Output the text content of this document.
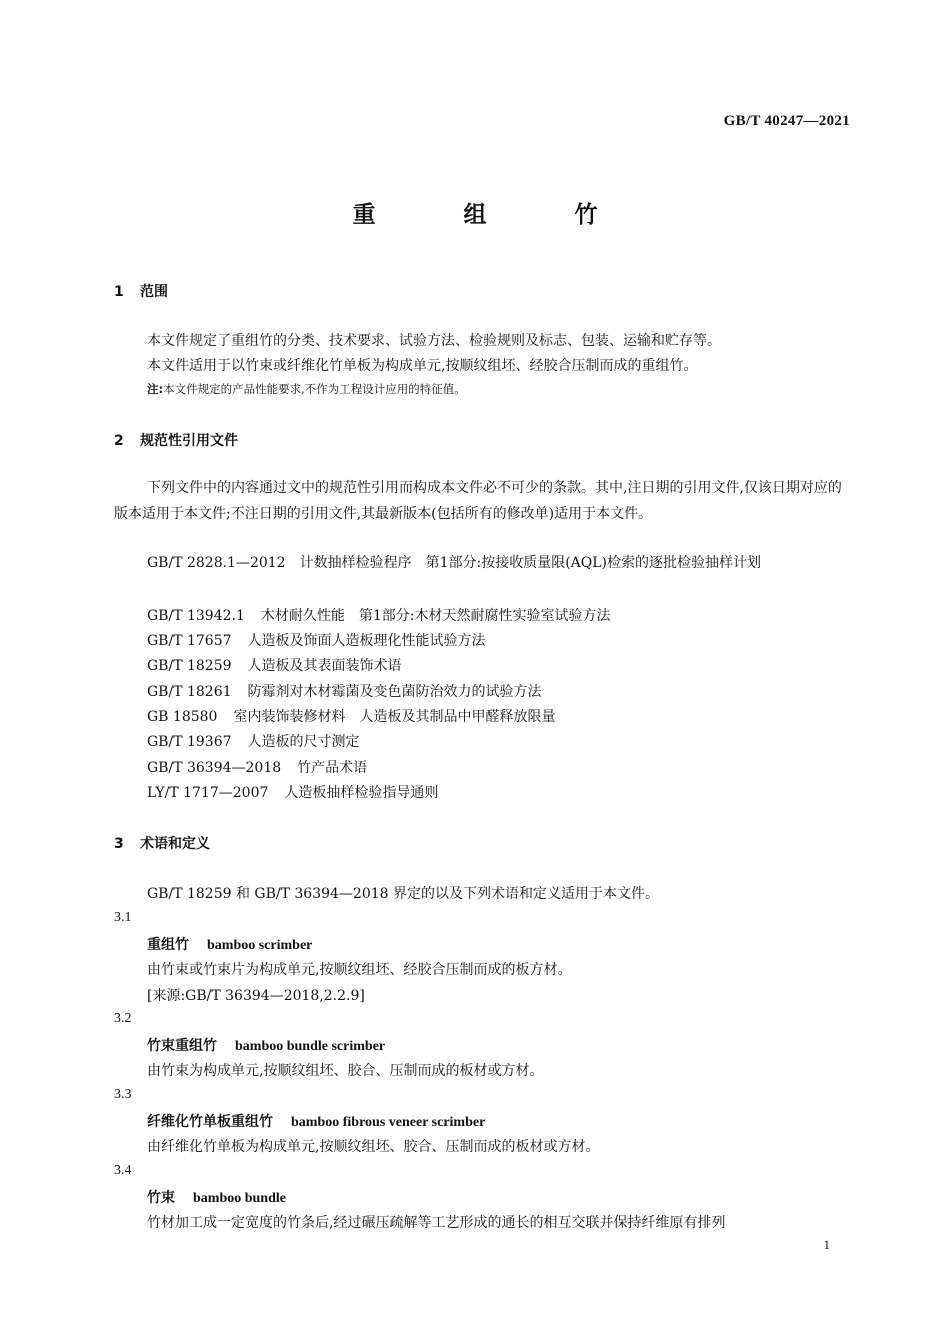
GB/T 40247—2021
重 组 竹
1 范围
本文件规定了重组竹的分类、技术要求、试验方法、检验规则及标志、包装、运输和贮存等。
本文件适用于以竹束或纤维化竹单板为构成单元,按顺纹组坯、经胶合压制而成的重组竹。
注:本文件规定的产品性能要求,不作为工程设计应用的特征值。
2 规范性引用文件
下列文件中的内容通过文中的规范性引用而构成本文件必不可少的条款。其中,注日期的引用文件,仅该日期对应的版本适用于本文件;不注日期的引用文件,其最新版本(包括所有的修改单)适用于本文件。
GB/T 2828.1—2012　计数抽样检验程序　第1部分:按接收质量限(AQL)检索的逐批检验抽样计划
GB/T 13942.1 木材耐久性能　第1部分:木材天然耐腐性实验室试验方法
GB/T 17657 人造板及饰面人造板理化性能试验方法
GB/T 18259 人造板及其表面装饰术语
GB/T 18261 防霉剂对木材霉菌及变色菌防治效力的试验方法
GB 18580 室内装饰装修材料　人造板及其制品中甲醛释放限量
GB/T 19367 人造板的尺寸测定
GB/T 36394—2018 竹产品术语
LY/T 1717—2007 人造板抽样检验指导通则
3 术语和定义
GB/T 18259 和 GB/T 36394—2018 界定的以及下列术语和定义适用于本文件。
3.1
重组竹 bamboo scrimber
由竹束或竹束片为构成单元,按顺纹组坯、经胶合压制而成的板方材。
[来源:GB/T 36394—2018,2.2.9]
3.2
竹束重组竹 bamboo bundle scrimber
由竹束为构成单元,按顺纹组坯、胶合、压制而成的板材或方材。
3.3
纤维化竹单板重组竹 bamboo fibrous veneer scrimber
由纤维化竹单板为构成单元,按顺纹组坯、胶合、压制而成的板材或方材。
3.4
竹束 bamboo bundle
竹材加工成一定宽度的竹条后,经过碾压疏解等工艺形成的通长的相互交联并保持纤维原有排列
1
